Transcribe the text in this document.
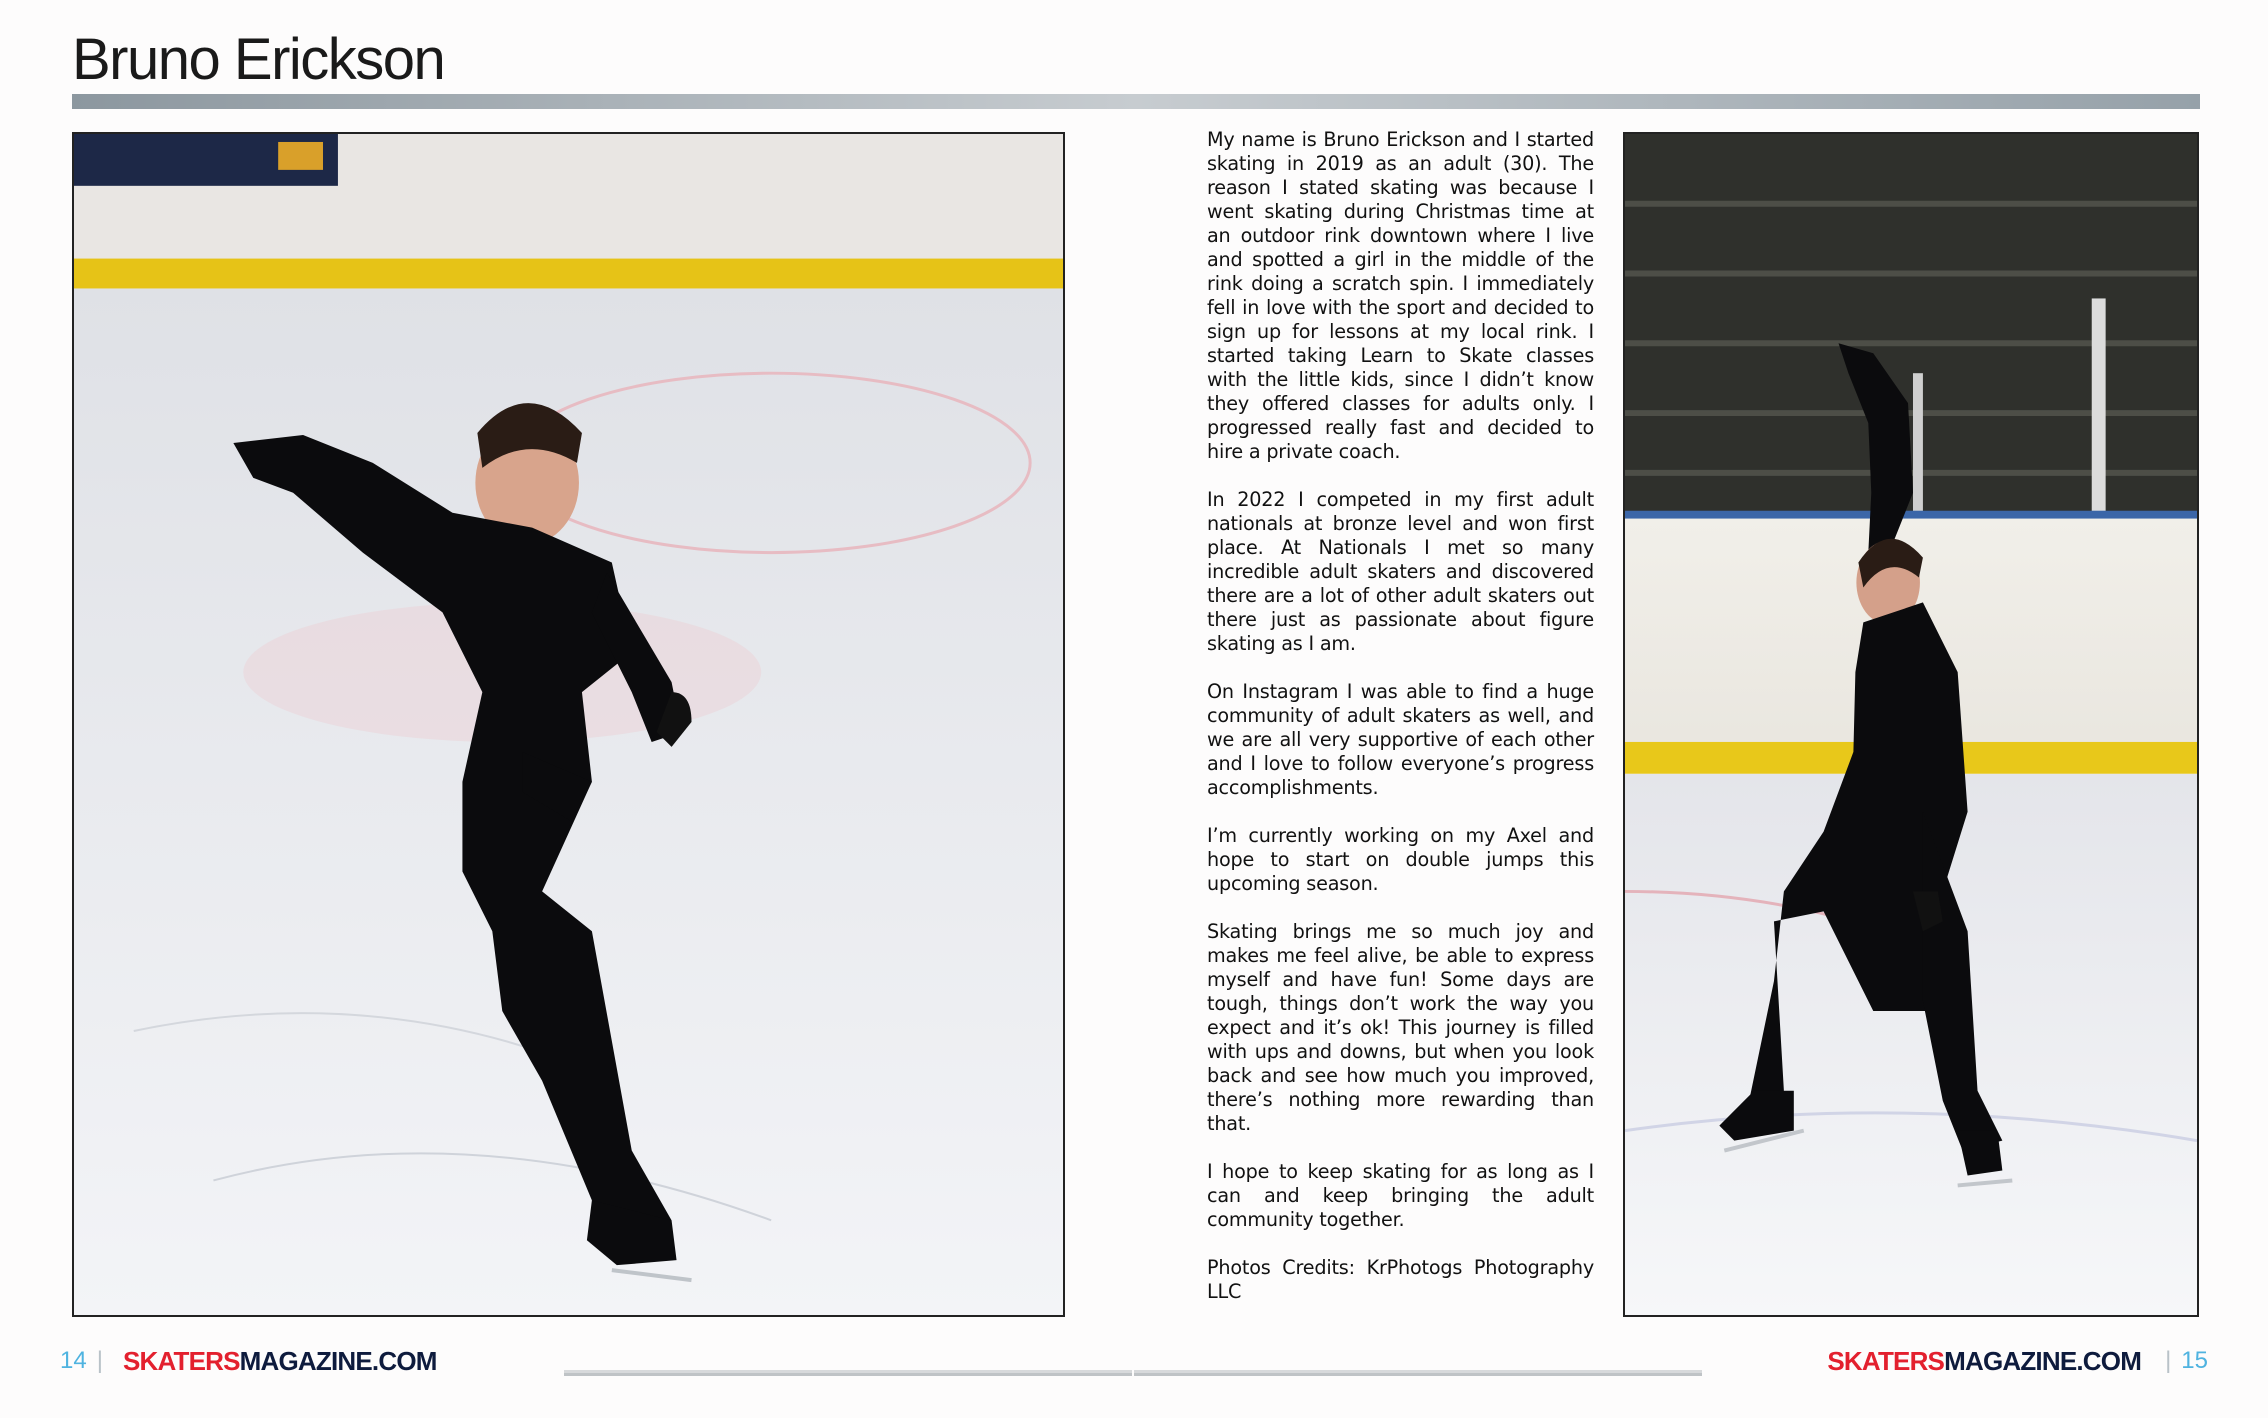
Bruno Erickson

My name is Bruno Erickson and I started skating in 2019 as an adult (30). The reason I stated skating was because I went skating during Christmas time at an outdoor rink downtown where I live and spotted a girl in the middle of the rink doing a scratch spin. I immediately fell in love with the sport and decided to sign up for lessons at my local rink. I started taking Learn to Skate classes with the little kids, since I didn’t know they offered classes for adults only. I progressed really fast and decided to hire a private coach.

In 2022 I competed in my first adult nationals at bronze level and won first place. At Nationals I met so many incredible adult skaters and discovered there are a lot of other adult skaters out there just as passionate about figure skating as I am.

On Instagram I was able to find a huge community of adult skaters as well, and we are all very supportive of each other and I love to follow everyone’s progress accomplishments.

I’m currently working on my Axel and hope to start on double jumps this upcoming season.

Skating brings me so much joy and makes me feel alive, be able to express myself and have fun! Some days are tough, things don’t work the way you expect and it’s ok! This journey is filled with ups and downs, but when you look back and see how much you improved, there’s nothing more rewarding than that.

I hope to keep skating for as long as I can and keep bringing the adult community together.

Photos Credits: KrPhotogs Photography LLC

14 | SKATERSMAGAZINE.COM	SKATERSMAGAZINE.COM | 15
